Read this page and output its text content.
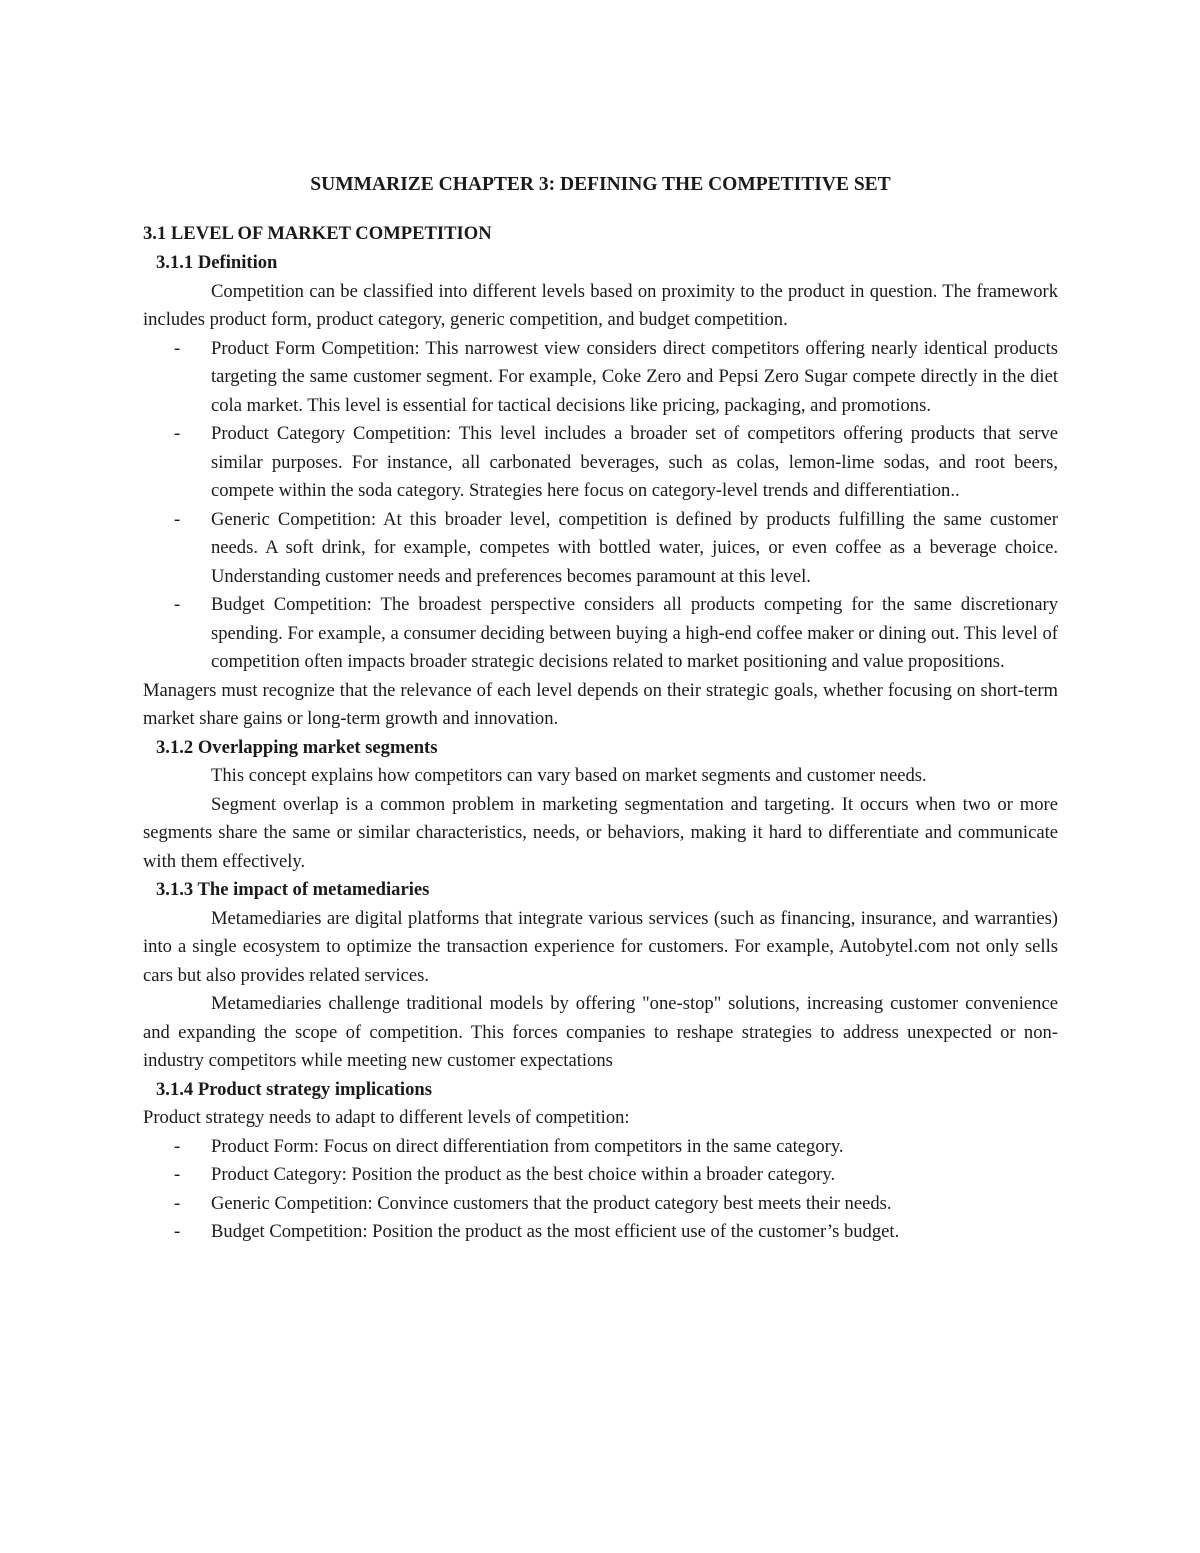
SUMMARIZE CHAPTER 3: DEFINING THE COMPETITIVE SET
3.1 LEVEL OF MARKET COMPETITION
3.1.1 Definition

Competition can be classified into different levels based on proximity to the product in question. The framework includes product form, product category, generic competition, and budget competition.

- Product Form Competition: This narrowest view considers direct competitors offering nearly identical products targeting the same customer segment. For example, Coke Zero and Pepsi Zero Sugar compete directly in the diet cola market. This level is essential for tactical decisions like pricing, packaging, and promotions.
- Product Category Competition: This level includes a broader set of competitors offering products that serve similar purposes. For instance, all carbonated beverages, such as colas, lemon-lime sodas, and root beers, compete within the soda category. Strategies here focus on category-level trends and differentiation..
- Generic Competition: At this broader level, competition is defined by products fulfilling the same customer needs. A soft drink, for example, competes with bottled water, juices, or even coffee as a beverage choice. Understanding customer needs and preferences becomes paramount at this level.
- Budget Competition: The broadest perspective considers all products competing for the same discretionary spending. For example, a consumer deciding between buying a high-end coffee maker or dining out. This level of competition often impacts broader strategic decisions related to market positioning and value propositions.

Managers must recognize that the relevance of each level depends on their strategic goals, whether focusing on short-term market share gains or long-term growth and innovation.

3.1.2 Overlapping market segments

This concept explains how competitors can vary based on market segments and customer needs.

Segment overlap is a common problem in marketing segmentation and targeting. It occurs when two or more segments share the same or similar characteristics, needs, or behaviors, making it hard to differentiate and communicate with them effectively.

3.1.3 The impact of metamediaries

Metamediaries are digital platforms that integrate various services (such as financing, insurance, and warranties) into a single ecosystem to optimize the transaction experience for customers. For example, Autobytel.com not only sells cars but also provides related services.

Metamediaries challenge traditional models by offering "one-stop" solutions, increasing customer convenience and expanding the scope of competition. This forces companies to reshape strategies to address unexpected or non-industry competitors while meeting new customer expectations

3.1.4 Product strategy implications

Product strategy needs to adapt to different levels of competition:

- Product Form: Focus on direct differentiation from competitors in the same category.
- Product Category: Position the product as the best choice within a broader category.
- Generic Competition: Convince customers that the product category best meets their needs.
- Budget Competition: Position the product as the most efficient use of the customer’s budget.
